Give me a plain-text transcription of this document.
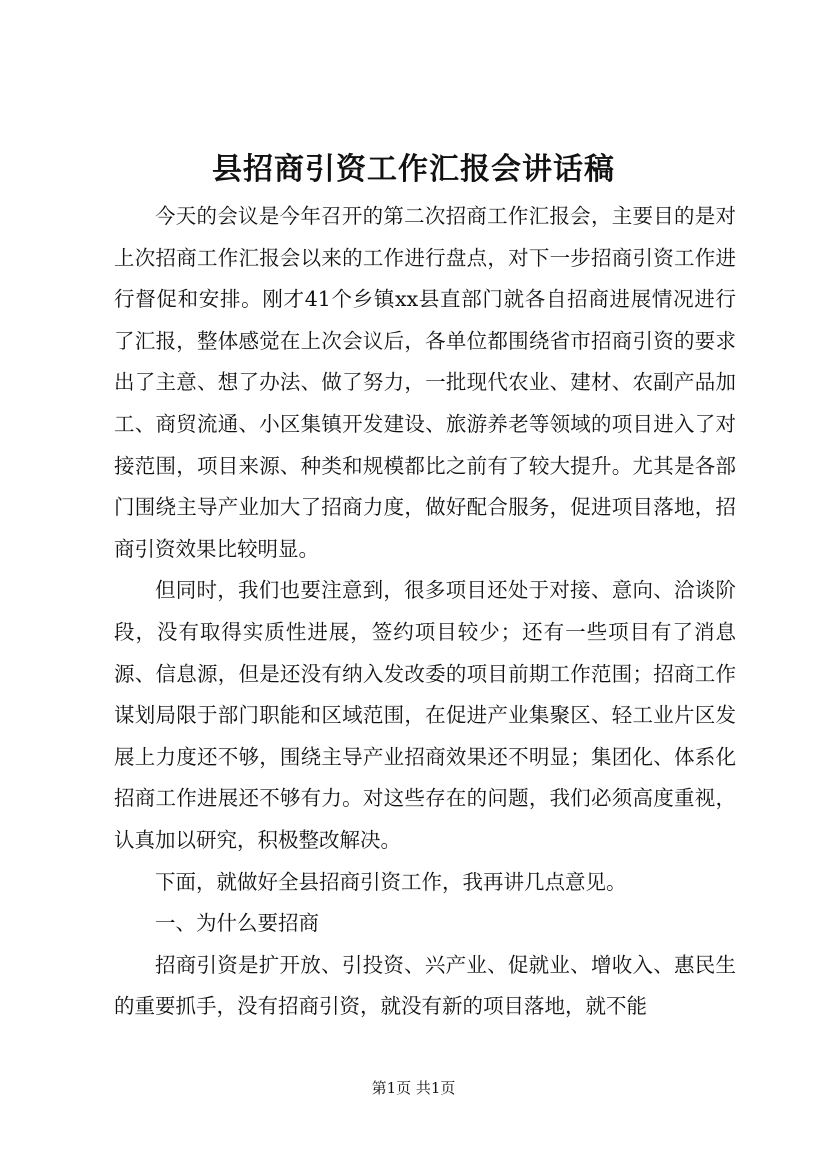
县招商引资工作汇报会讲话稿

今天的会议是今年召开的第二次招商工作汇报会，主要目的是对上次招商工作汇报会以来的工作进行盘点，对下一步招商引资工作进行督促和安排。刚才41个乡镇xx县直部门就各自招商进展情况进行了汇报，整体感觉在上次会议后，各单位都围绕省市招商引资的要求出了主意、想了办法、做了努力，一批现代农业、建材、农副产品加工、商贸流通、小区集镇开发建设、旅游养老等领域的项目进入了对接范围，项目来源、种类和规模都比之前有了较大提升。尤其是各部门围绕主导产业加大了招商力度，做好配合服务，促进项目落地，招商引资效果比较明显。

但同时，我们也要注意到，很多项目还处于对接、意向、洽谈阶段，没有取得实质性进展，签约项目较少；还有一些项目有了消息源、信息源，但是还没有纳入发改委的项目前期工作范围；招商工作谋划局限于部门职能和区域范围，在促进产业集聚区、轻工业片区发展上力度还不够，围绕主导产业招商效果还不明显；集团化、体系化招商工作进展还不够有力。对这些存在的问题，我们必须高度重视，认真加以研究，积极整改解决。

下面，就做好全县招商引资工作，我再讲几点意见。

一、为什么要招商

招商引资是扩开放、引投资、兴产业、促就业、增收入、惠民生的重要抓手，没有招商引资，就没有新的项目落地，就不能

第1页 共1页
